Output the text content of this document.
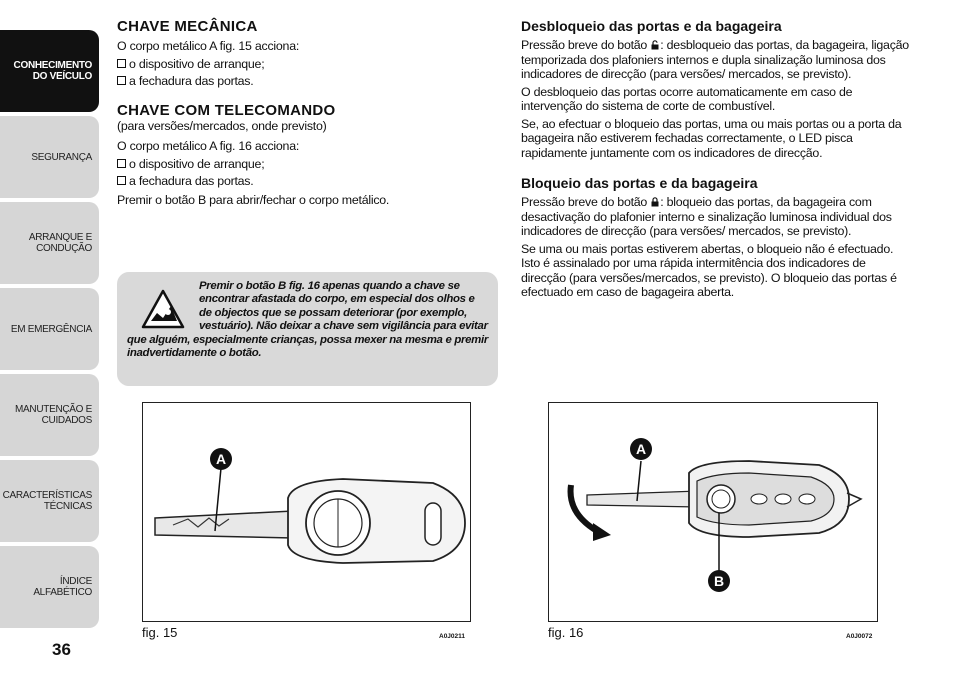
CONHECIMENTO DO VEÍCULO
SEGURANÇA
ARRANQUE E CONDUÇÃO
EM EMERGÊNCIA
MANUTENÇÃO E CUIDADOS
CARACTERÍSTICAS TÉCNICAS
ÍNDICE ALFABÉTICO
36
CHAVE MECÂNICA

O corpo metálico A fig. 15 acciona:

o dispositivo de arranque;
a fechadura das portas.
CHAVE COM TELECOMANDO

(para versões/mercados, onde previsto)

O corpo metálico A fig. 16 acciona:

o dispositivo de arranque;
a fechadura das portas.

Premir o botão B para abrir/fechar o corpo metálico.

Premir o botão B fig. 16 apenas quando a chave se encontrar afastada do corpo, em especial dos olhos e de objectos que se possam deteriorar (por exemplo, vestuário). Não deixar a chave sem vigilância para evitar que alguém, especialmente crianças, possa mexer na mesma e premir inadvertidamente o botão.
Desbloqueio das portas e da bagageira

Pressão breve do botão : desbloqueio das portas, da bagageira, ligação temporizada dos plafoniers internos e dupla sinalização luminosa dos indicadores de direcção (para versões/ mercados, se previsto).

O desbloqueio das portas ocorre automaticamente em caso de intervenção do sistema de corte de combustível.

Se, ao efectuar o bloqueio das portas, uma ou mais portas ou a porta da bagageira não estiverem fechadas correctamente, o LED pisca rapidamente juntamente com os indicadores de direcção.

Bloqueio das portas e da bagageira

Pressão breve do botão : bloqueio das portas, da bagageira com desactivação do plafonier interno e sinalização luminosa individual dos indicadores de direcção (para versões/ mercados, se previsto).

Se uma ou mais portas estiverem abertas, o bloqueio não é efectuado. Isto é assinalado por uma rápida intermitência dos indicadores de direcção (para versões/mercados, se previsto). O bloqueio das portas é efectuado em caso de bagageira aberta.

A
fig. 15	A0J0211
A
B
fig. 16	A0J0072
